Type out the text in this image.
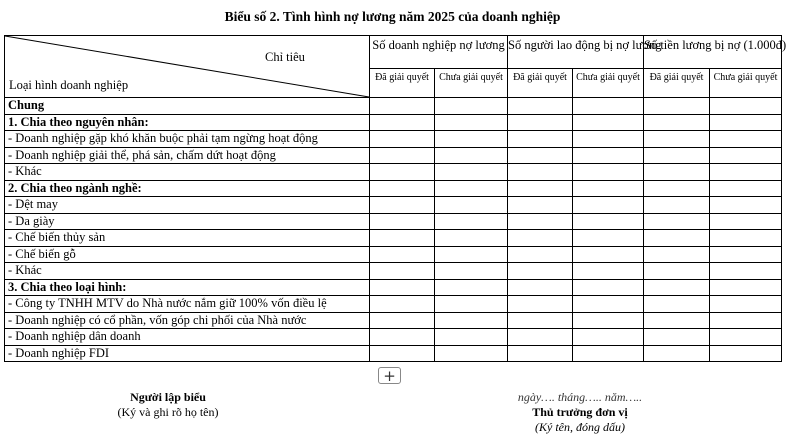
Biểu số 2. Tình hình nợ lương năm 2025 của doanh nghiệp
Chỉ tiêu
Loại hình doanh nghiệp	Số doanh nghiệp nợ lương		Số người lao động bị nợ lương		Số tiền lương bị nợ (1.000đ)	
	Đã giải quyết	Chưa giải quyết	Đã giải quyết	Chưa giải quyết	Đã giải quyết	Chưa giải quyết
Chung						
1. Chia theo nguyên nhân:						
- Doanh nghiệp gặp khó khăn buộc phải tạm ngừng hoạt động						
- Doanh nghiệp giải thể, phá sản, chấm dứt hoạt động						
- Khác						
2. Chia theo ngành nghề:						
- Dệt may						
- Da giày						
- Chế biến thủy sản						
- Chế biến gỗ						
- Khác						
3. Chia theo loại hình:						
- Công ty TNHH MTV do Nhà nước nắm giữ 100% vốn điều lệ						
- Doanh nghiệp có cổ phần, vốn góp chi phối của Nhà nước						
- Doanh nghiệp dân doanh						
- Doanh nghiệp FDI						
+
Người lập biểu
(Ký và ghi rõ họ tên)
ngày…. tháng….. năm…..
Thủ trưởng đơn vị
(Ký tên, đóng dấu)
